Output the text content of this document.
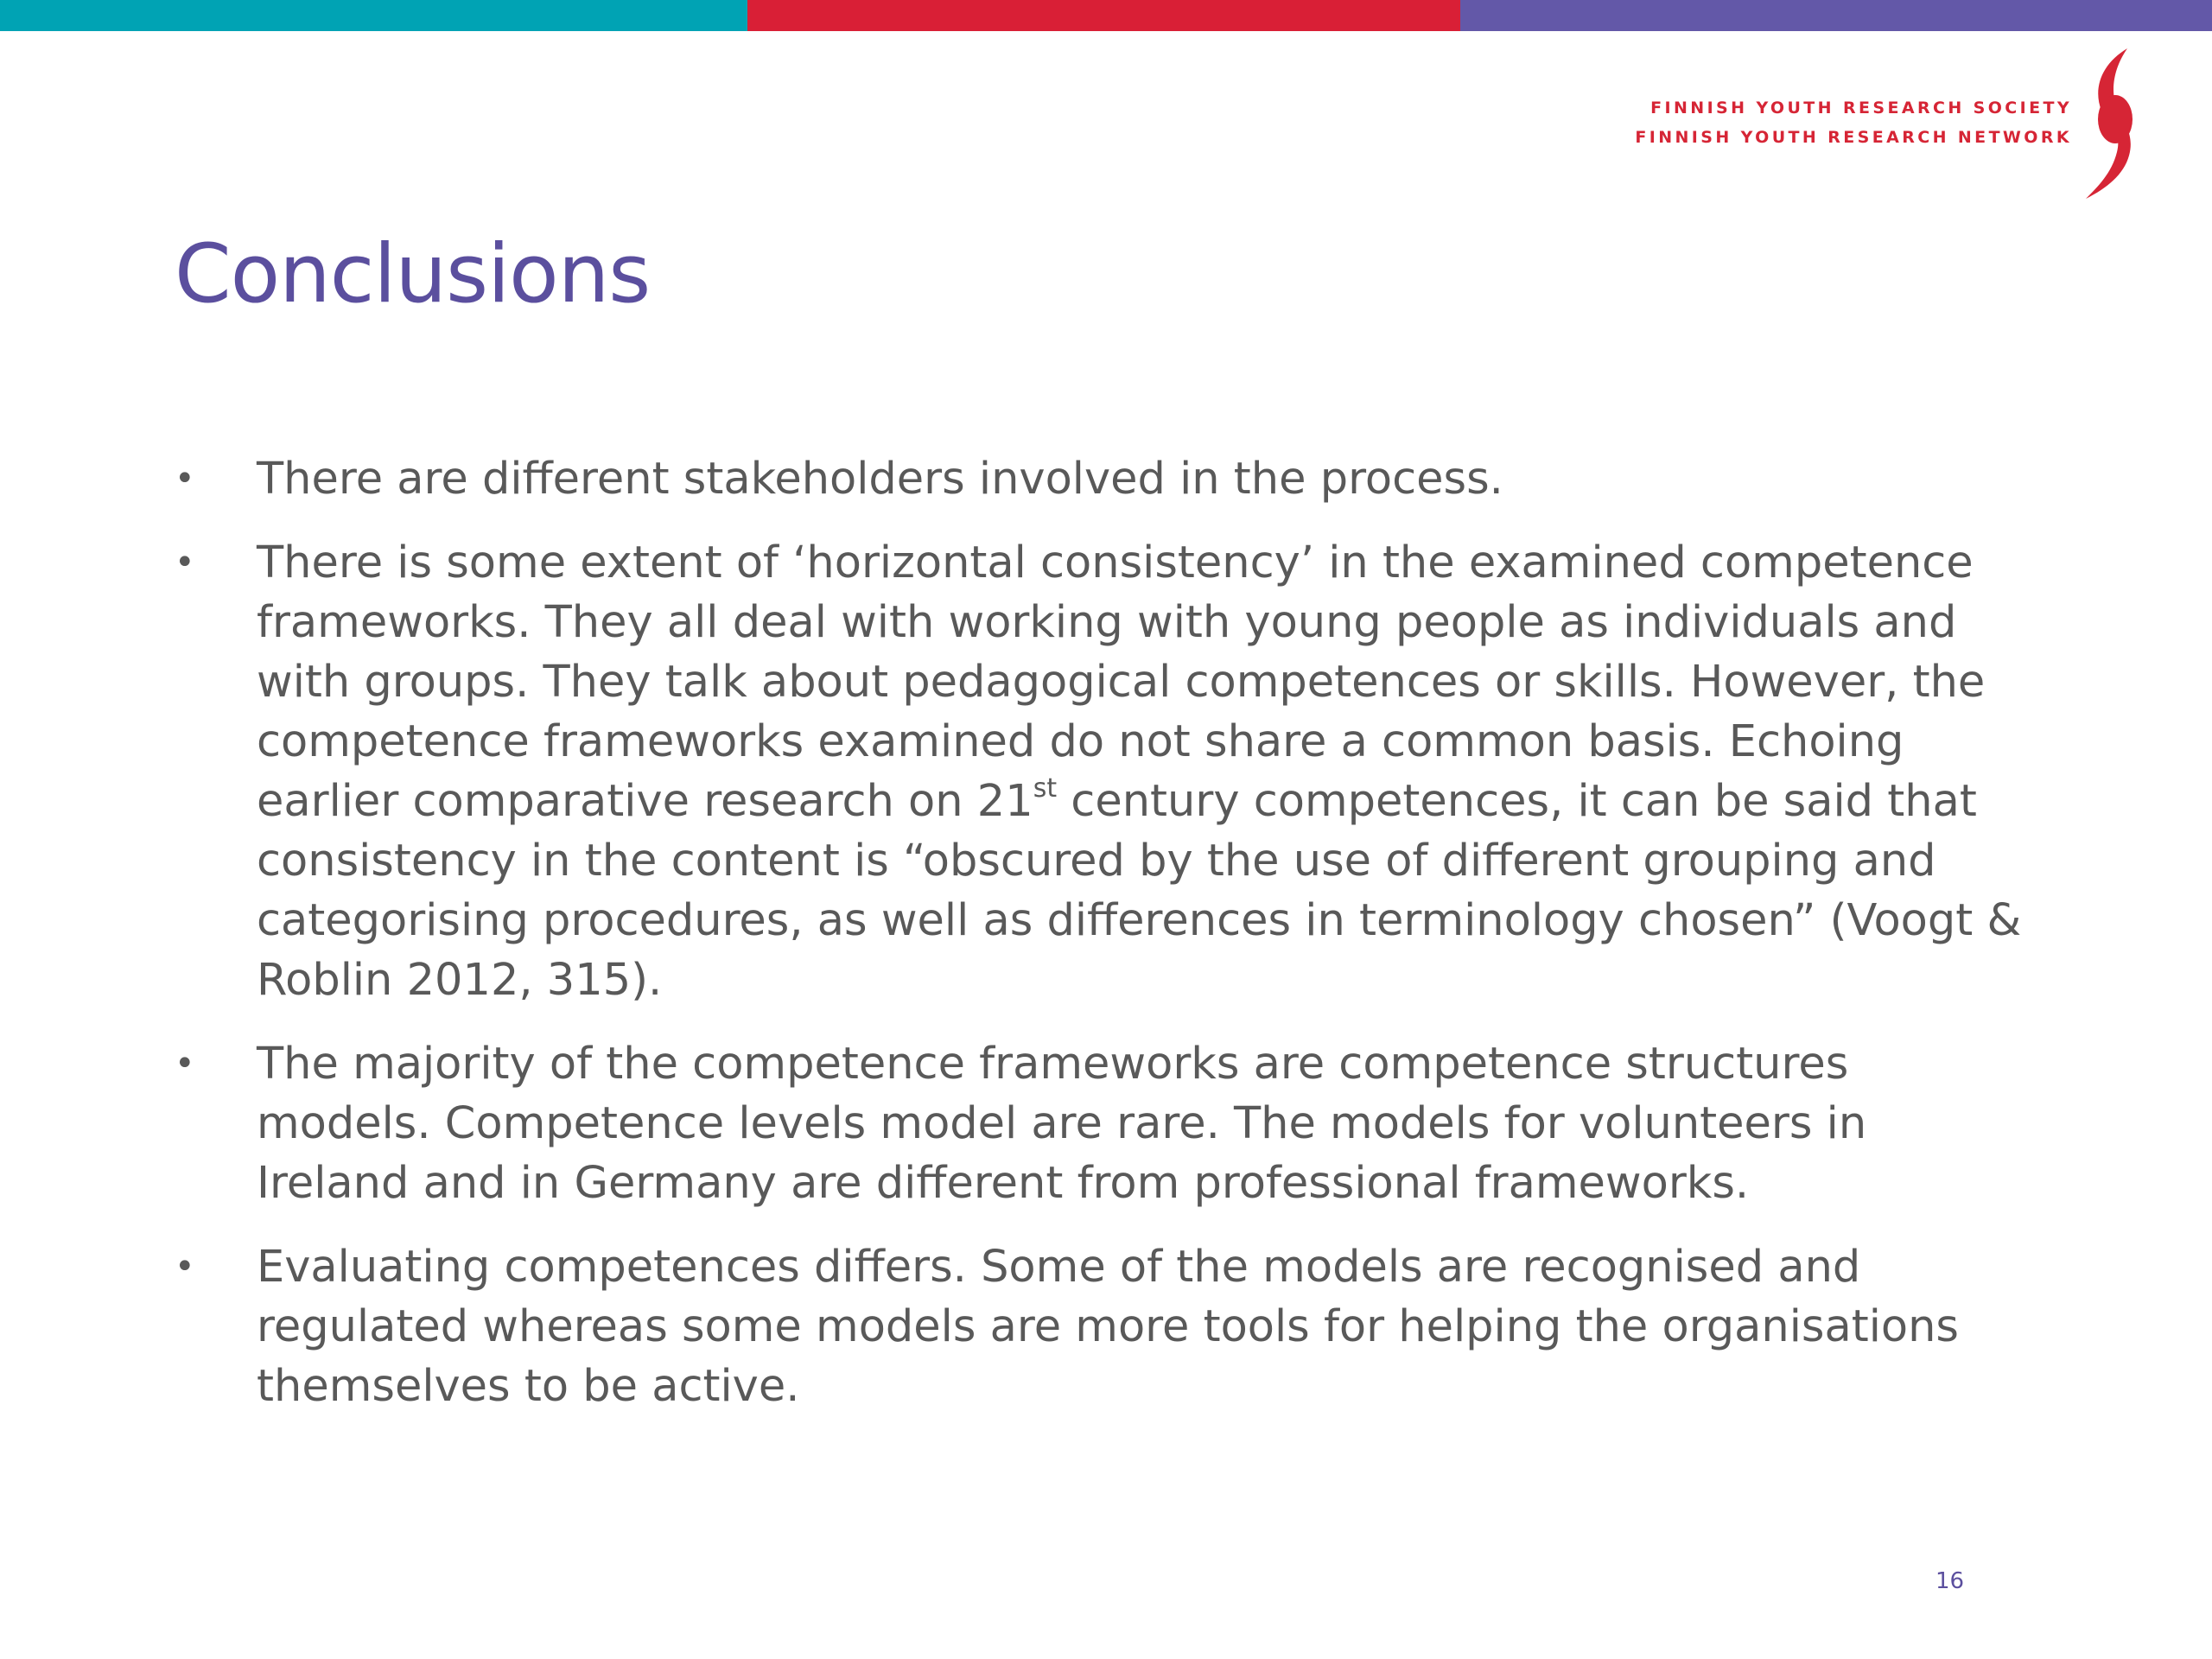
FINNISH YOUTH RESEARCH SOCIETY
FINNISH YOUTH RESEARCH NETWORK
Conclusions
• There are different stakeholders involved in the process.
• There is some extent of ‘horizontal consistency’ in the examined competence frameworks. They all deal with working with young people as individuals and with groups. They talk about pedagogical competences or skills. However, the competence frameworks examined do not share a common basis. Echoing earlier comparative research on 21st century competences, it can be said that consistency in the content is “obscured by the use of different grouping and categorising procedures, as well as differences in terminology chosen” (Voogt & Roblin 2012, 315).
• The majority of the competence frameworks are competence structures models. Competence levels model are rare. The models for volunteers in Ireland and in Germany are different from professional frameworks.
• Evaluating competences differs. Some of the models are recognised and regulated whereas some models are more tools for helping the organisations themselves to be active.
16
